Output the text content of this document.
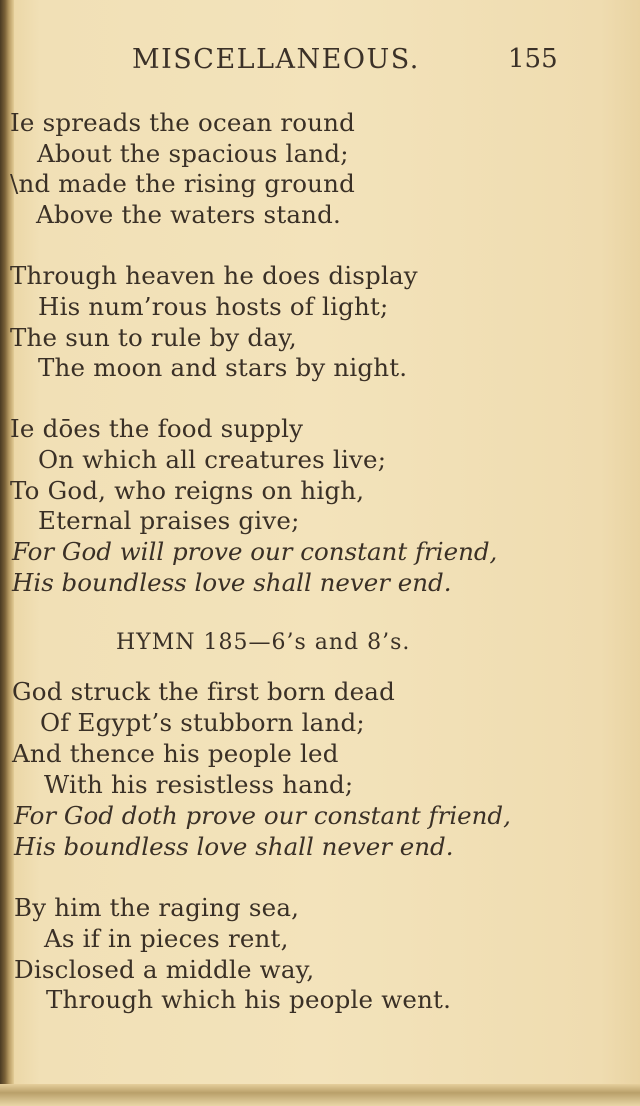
MISCELLANEOUS.	155
Ie spreads the ocean round
About the spacious land;
\nd made the rising ground
Above the waters stand.
Through heaven he does display
His num’rous hosts of light;
The sun to rule by day,
The moon and stars by night.
Ie dōes the food supply
On which all creatures live;
To God, who reigns on high,
Eternal praises give;
For God will prove our constant friend,
His boundless love shall never end.
HYMN 185—6’s and 8’s.
God struck the first born dead
Of Egypt’s stubborn land;
And thence his people led
With his resistless hand;
For God doth prove our constant friend,
His boundless love shall never end.
By him the raging sea,
As if in pieces rent,
Disclosed a middle way,
Through which his people went.
